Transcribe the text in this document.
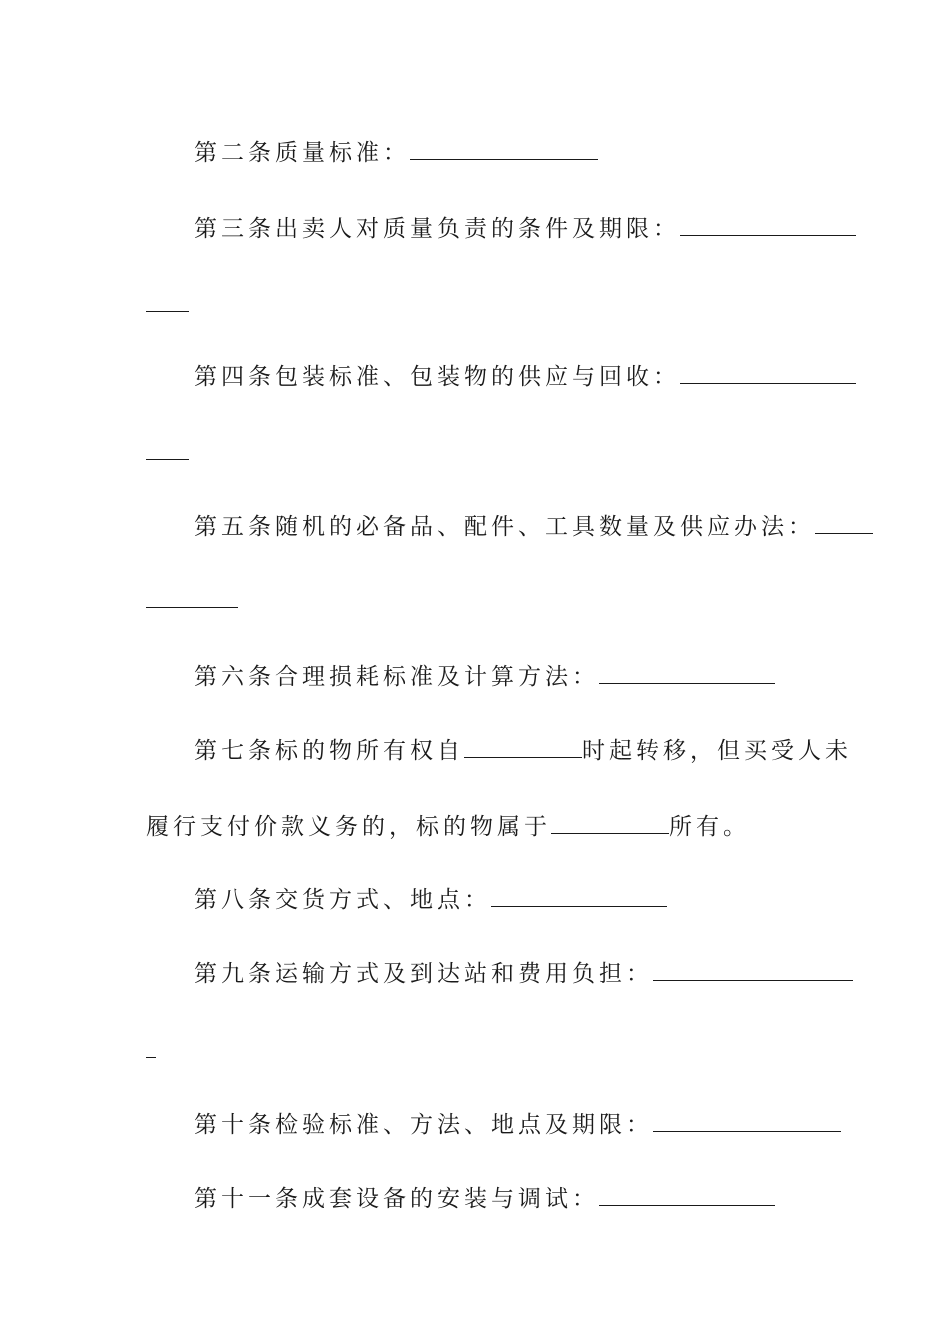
第二条质量标准：
第三条出卖人对质量负责的条件及期限：
第四条包装标准、包装物的供应与回收：
第五条随机的必备品、配件、工具数量及供应办法：
第六条合理损耗标准及计算方法：
第七条标的物所有权自	时起转移，但买受人未
履行支付价款义务的，标的物属于	所有。
第八条交货方式、地点：
第九条运输方式及到达站和费用负担：
第十条检验标准、方法、地点及期限：
第十一条成套设备的安装与调试：
